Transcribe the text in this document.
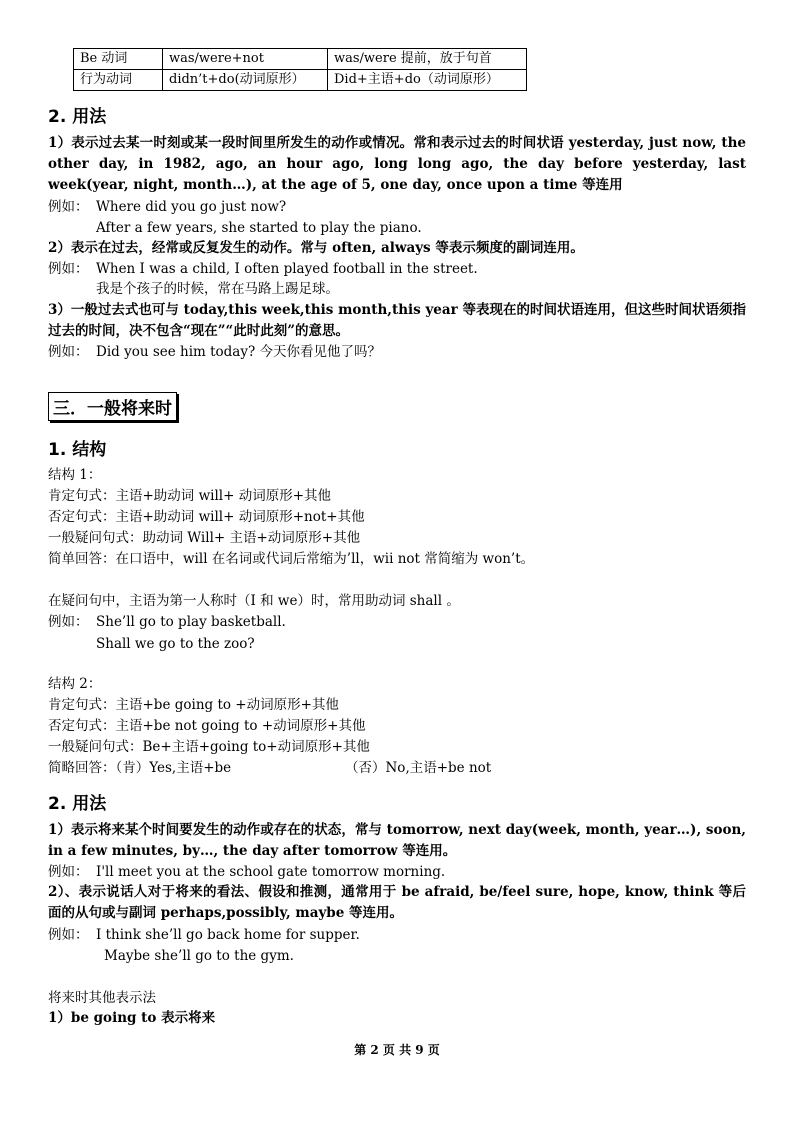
Be 动词	was/were+not	was/were 提前，放于句首
行为动词	didn’t+do(动词原形）	Did+主语+do（动词原形）
2. 用法
1）表示过去某一时刻或某一段时间里所发生的动作或情况。常和表示过去的时间状语 yesterday, just now, the other day, in 1982, ago, an hour ago, long long ago, the day before yesterday, last week(year, night, month…), at the age of 5, one day, once upon a time 等连用
例如： Where did you go just now?
After a few years, she started to play the piano.
2）表示在过去，经常或反复发生的动作。常与 often, always 等表示频度的副词连用。
例如： When I was a child, I often played football in the street.
我是个孩子的时候，常在马路上踢足球。
3）一般过去式也可与 today,this week,this month,this year 等表现在的时间状语连用，但这些时间状语须指过去的时间，决不包含“现在”“此时此刻”的意思。
例如： Did you see him today? 今天你看见他了吗？
三．一般将来时
1. 结构
结构 1：
肯定句式：主语+助动词 will+ 动词原形+其他
否定句式：主语+助动词 will+ 动词原形+not+其他
一般疑问句式：助动词 Will+ 主语+动词原形+其他
简单回答：在口语中，will 在名词或代词后常缩为’ll，wii not 常简缩为 won’t。
在疑问句中，主语为第一人称时（I 和 we）时，常用助动词 shall 。
例如： She’ll go to play basketball.
Shall we go to the zoo?
结构 2：
肯定句式：主语+be going to +动词原形+其他
否定句式：主语+be not going to +动词原形+其他
一般疑问句式：Be+主语+going to+动词原形+其他
简略回答：（肯）Yes,主语+be	（否）No,主语+be not
2. 用法
1）表示将来某个时间要发生的动作或存在的状态，常与 tomorrow, next day(week, month, year…), soon, in a few minutes, by…, the day after tomorrow 等连用。
例如： I'll meet you at the school gate tomorrow morning.
2）、表示说话人对于将来的看法、假设和推测，通常用于 be afraid, be/feel sure, hope, know, think 等后面的从句或与副词 perhaps,possibly, maybe 等连用。
例如： I think she’ll go back home for supper.
Maybe she’ll go to the gym.
将来时其他表示法
1）be going to 表示将来
第 2 页 共 9 页
